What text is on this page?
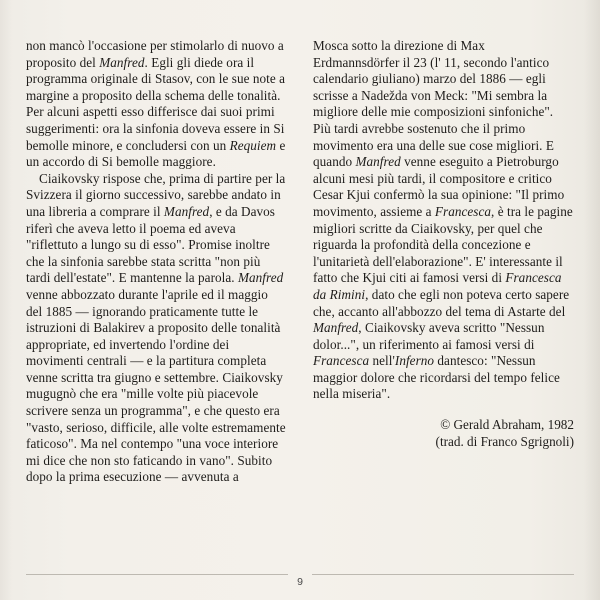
non mancò l'occasione per stimolarlo di nuovo a proposito del Manfred. Egli gli diede ora il programma originale di Stasov, con le sue note a margine a proposito della schema delle tonalità. Per alcuni aspetti esso differisce dai suoi primi suggerimenti: ora la sinfonia doveva essere in Si bemolle minore, e concludersi con un Requiem e un accordo di Si bemolle maggiore.

Ciaikovsky rispose che, prima di partire per la Svizzera il giorno successivo, sarebbe andato in una libreria a comprare il Manfred, e da Davos riferì che aveva letto il poema ed aveva "riflettuto a lungo su di esso". Promise inoltre che la sinfonia sarebbe stata scritta "non più tardi dell'estate". E mantenne la parola. Manfred venne abbozzato durante l'aprile ed il maggio del 1885 — ignorando praticamente tutte le istruzioni di Balakirev a proposito delle tonalità appropriate, ed invertendo l'ordine dei movimenti centrali — e la partitura completa venne scritta tra giugno e settembre. Ciaikovsky mugugnò che era "mille volte più piacevole scrivere senza un programma", e che questo era "vasto, serioso, difficile, alle volte estremamente faticoso". Ma nel contempo "una voce interiore mi dice che non sto faticando in vano". Subito dopo la prima esecuzione — avvenuta a

Mosca sotto la direzione di Max Erdmannsdörfer il 23 (l' 11, secondo l'antico calendario giuliano) marzo del 1886 — egli scrisse a Nadežda von Meck: "Mi sembra la migliore delle mie composizioni sinfoniche". Più tardi avrebbe sostenuto che il primo movimento era una delle sue cose migliori. E quando Manfred venne eseguito a Pietroburgo alcuni mesi più tardi, il compositore e critico Cesar Kjui confermò la sua opinione: "Il primo movimento, assieme a Francesca, è tra le pagine migliori scritte da Ciaikovsky, per quel che riguarda la profondità della concezione e l'unitarietà dell'elaborazione". E' interessante il fatto che Kjui citi ai famosi versi di Francesca da Rimini, dato che egli non poteva certo sapere che, accanto all'abbozzo del tema di Astarte del Manfred, Ciaikovsky aveva scritto "Nessun dolor...", un riferimento ai famosi versi di Francesca nell'Inferno dantesco: "Nessun maggior dolore che ricordarsi del tempo felice nella miseria".

© Gerald Abraham, 1982
(trad. di Franco Sgrignoli)
9
